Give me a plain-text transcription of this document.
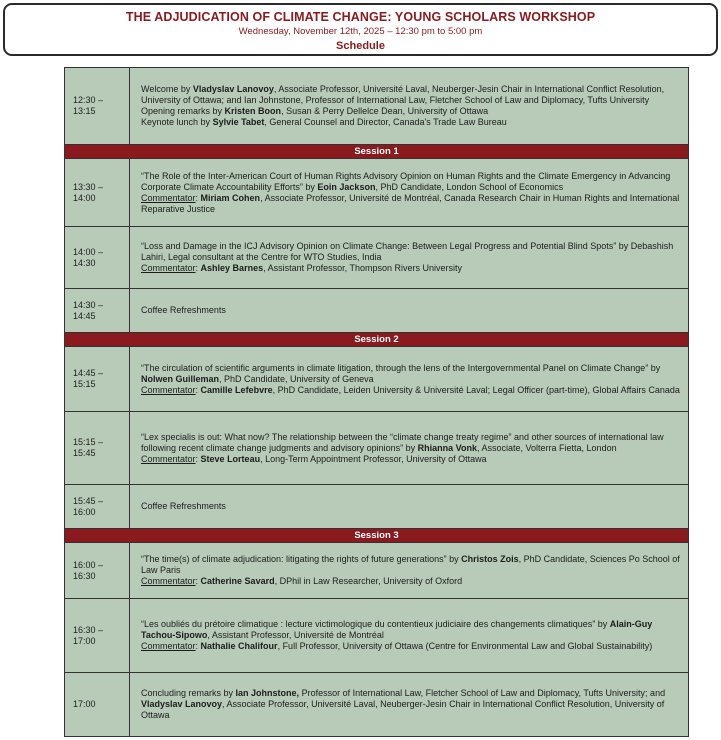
THE ADJUDICATION OF CLIMATE CHANGE: YOUNG SCHOLARS WORKSHOP
Wednesday, November 12th, 2025 – 12:30 pm to 5:00 pm
Schedule
12:30 –
13:15	Welcome by Vladyslav Lanovoy, Associate Professor, Université Laval, Neuberger-Jesin Chair in International Conflict Resolution, University of Ottawa; and Ian Johnstone, Professor of International Law, Fletcher School of Law and Diplomacy, Tufts University
Opening remarks by Kristen Boon, Susan & Perry Dellelce Dean, University of Ottawa
Keynote lunch by Sylvie Tabet, General Counsel and Director, Canada's Trade Law Bureau

Session 1	

13:30 –
14:00	“The Role of the Inter-American Court of Human Rights Advisory Opinion on Human Rights and the Climate Emergency in Advancing Corporate Climate Accountability Efforts” by Eoin Jackson, PhD Candidate, London School of Economics
Commentator: Miriam Cohen, Associate Professor, Université de Montréal, Canada Research Chair in Human Rights and International Reparative Justice

14:00 –
14:30	“Loss and Damage in the ICJ Advisory Opinion on Climate Change: Between Legal Progress and Potential Blind Spots” by Debashish Lahiri, Legal consultant at the Centre for WTO Studies, India
Commentator: Ashley Barnes, Assistant Professor, Thompson Rivers University

14:30 –
14:45	Coffee Refreshments

Session 2	

14:45 –
15:15	“The circulation of scientific arguments in climate litigation, through the lens of the Intergovernmental Panel on Climate Change” by Nolwen Guilleman, PhD Candidate, University of Geneva
Commentator: Camille Lefebvre, PhD Candidate, Leiden University & Université Laval; Legal Officer (part-time), Global Affairs Canada

15:15 –
15:45	“Lex specialis is out: What now? The relationship between the “climate change treaty regime” and other sources of international law following recent climate change judgments and advisory opinions” by Rhianna Vonk, Associate, Volterra Fietta, London
Commentator: Steve Lorteau, Long-Term Appointment Professor, University of Ottawa

15:45 –
16:00	Coffee Refreshments

Session 3	

16:00 –
16:30	“The time(s) of climate adjudication: litigating the rights of future generations” by Christos Zois, PhD Candidate, Sciences Po School of Law Paris
Commentator: Catherine Savard, DPhil in Law Researcher, University of Oxford

16:30 –
17:00	“Les oubliés du prétoire climatique : lecture victimologique du contentieux judiciaire des changements climatiques” by Alain-Guy Tachou-Sipowo, Assistant Professor, Université de Montréal
Commentator: Nathalie Chalifour, Full Professor, University of Ottawa (Centre for Environmental Law and Global Sustainability)

17:00	Concluding remarks by Ian Johnstone, Professor of International Law, Fletcher School of Law and Diplomacy, Tufts University; and Vladyslav Lanovoy, Associate Professor, Université Laval, Neuberger-Jesin Chair in International Conflict Resolution, University of Ottawa
